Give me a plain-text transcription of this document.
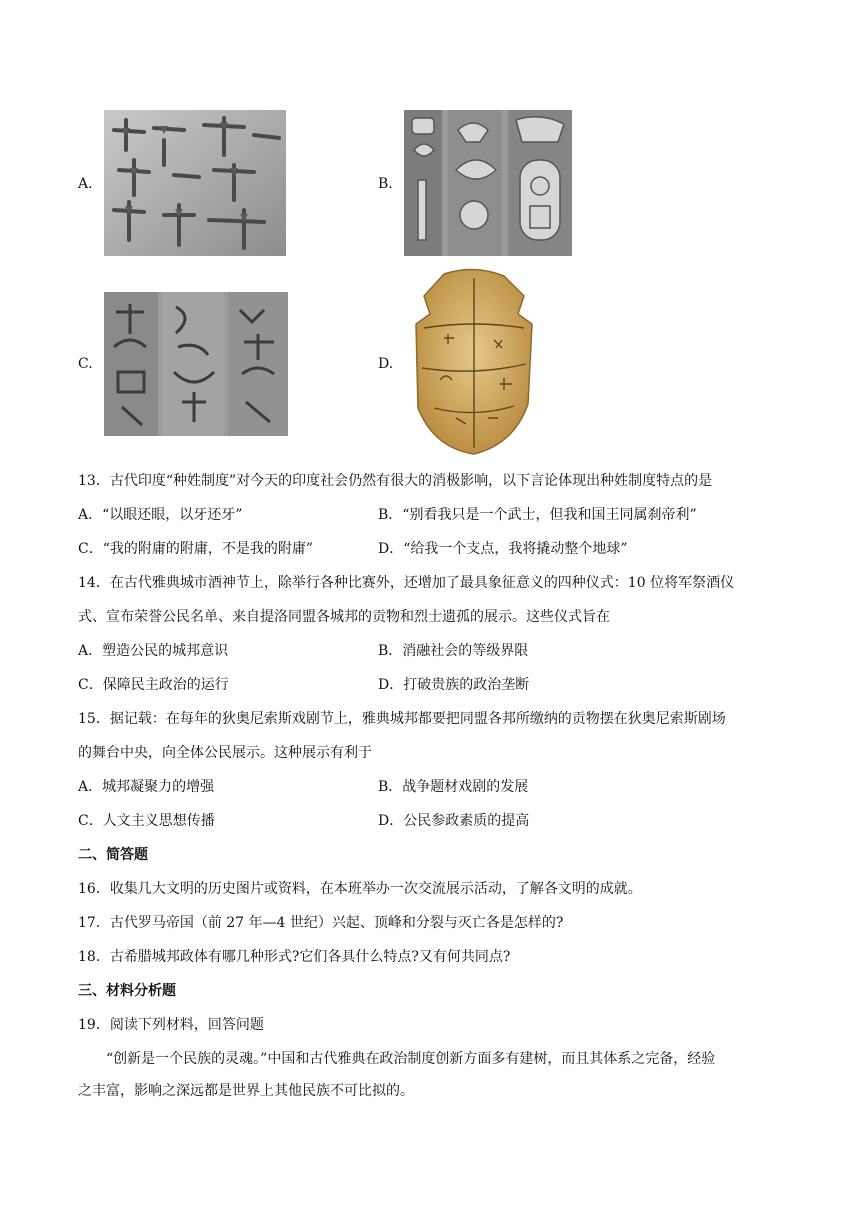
A.	B.
C.	D.
13．古代印度“种姓制度”对今天的印度社会仍然有很大的消极影响，以下言论体现出种姓制度特点的是
A．“以眼还眼，以牙还牙”	B．“别看我只是一个武士，但我和国王同属刹帝利”
C．“我的附庸的附庸，不是我的附庸”	D．“给我一个支点，我将撬动整个地球”
14．在古代雅典城市酒神节上，除举行各种比赛外，还增加了最具象征意义的四种仪式：10 位将军祭酒仪
式、宣布荣誉公民名单、来自提洛同盟各城邦的贡物和烈士遗孤的展示。这些仪式旨在
A．塑造公民的城邦意识	B．消融社会的等级界限
C．保障民主政治的运行	D．打破贵族的政治垄断
15．据记载：在每年的狄奥尼索斯戏剧节上，雅典城邦都要把同盟各邦所缴纳的贡物摆在狄奥尼索斯剧场
的舞台中央，向全体公民展示。这种展示有利于
A．城邦凝聚力的增强	B．战争题材戏剧的发展
C．人文主义思想传播	D．公民参政素质的提高
二、简答题
16．收集几大文明的历史图片或资料，在本班举办一次交流展示活动，了解各文明的成就。
17．古代罗马帝国（前 27 年—4 世纪）兴起、顶峰和分裂与灭亡各是怎样的?
18．古希腊城邦政体有哪几种形式?它们各具什么特点?又有何共同点?
三、材料分析题
19．阅读下列材料，回答问题
“创新是一个民族的灵魂。”中国和古代雅典在政治制度创新方面多有建树，而且其体系之完备，经验
之丰富，影响之深远都是世界上其他民族不可比拟的。
